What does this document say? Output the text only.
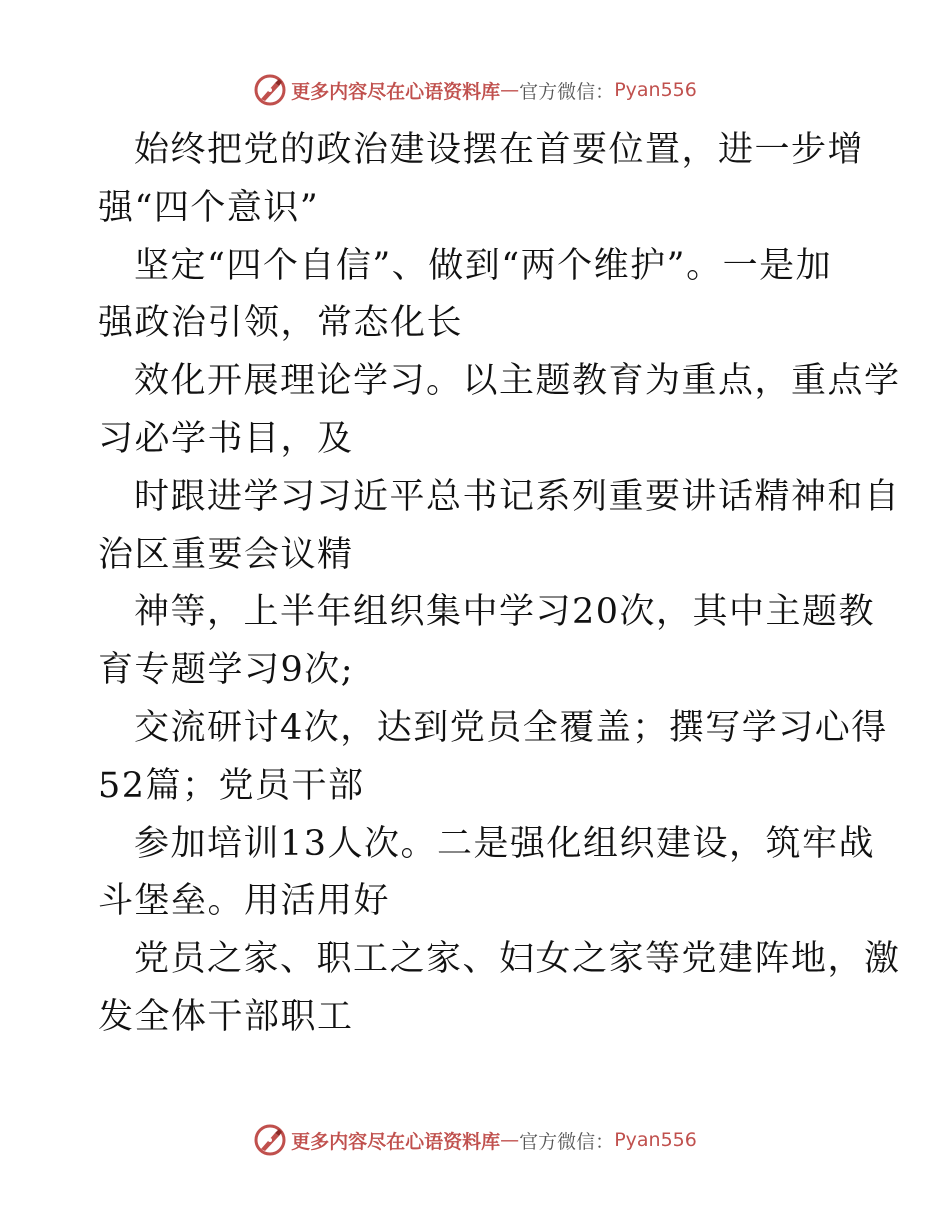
更多内容尽在心语资料库 — 官方微信： Pyan556
始终把党的政治建设摆在首要位置，进一步增
强“四个意识”
坚定“四个自信”、做到“两个维护”。一是加
强政治引领，常态化长
效化开展理论学习。以主题教育为重点，重点学
习必学书目，及
时跟进学习习近平总书记系列重要讲话精神和自
治区重要会议精
神等，上半年组织集中学习20次，其中主题教
育专题学习9次;
交流研讨4次，达到党员全覆盖；撰写学习心得
52篇；党员干部
参加培训13人次。二是强化组织建设，筑牢战
斗堡垒。用活用好
党员之家、职工之家、妇女之家等党建阵地，激
发全体干部职工
更多内容尽在心语资料库 — 官方微信： Pyan556
